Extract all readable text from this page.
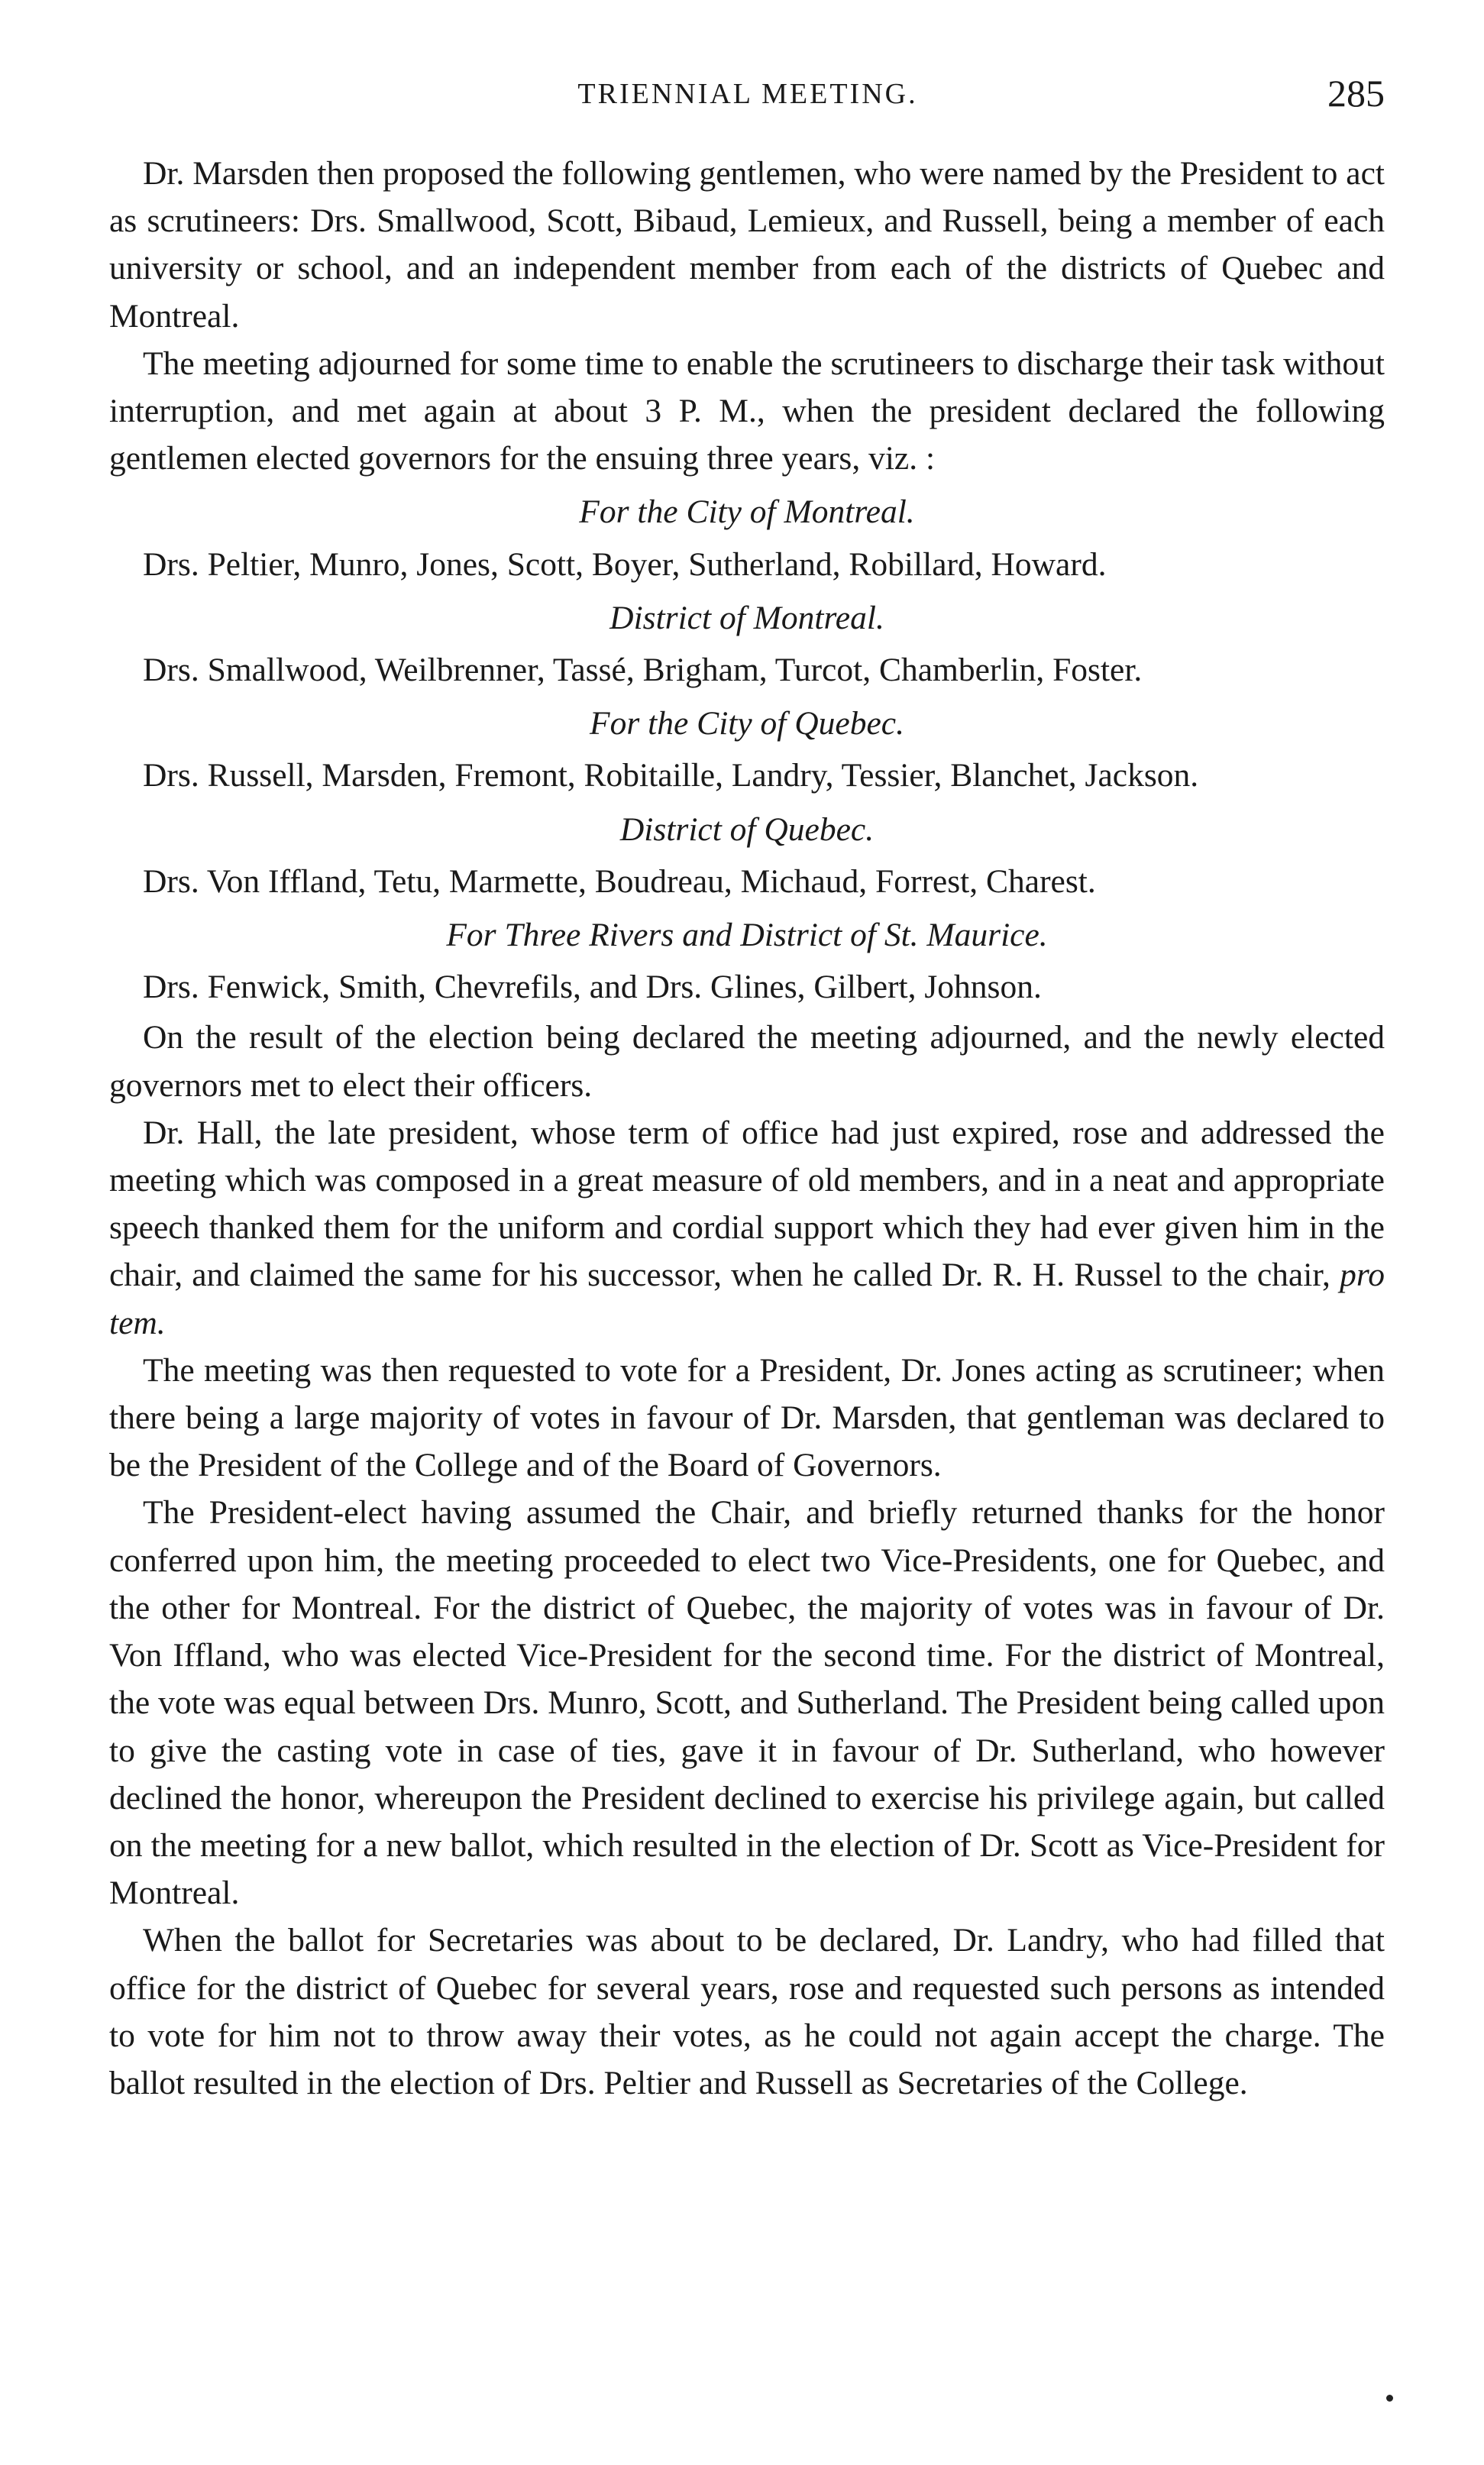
TRIENNIAL MEETING.	285

Dr. Marsden then proposed the following gentlemen, who were named by the President to act as scrutineers: Drs. Smallwood, Scott, Bibaud, Lemieux, and Russell, being a member of each university or school, and an independent member from each of the districts of Quebec and Montreal.

The meeting adjourned for some time to enable the scrutineers to discharge their task without interruption, and met again at about 3 P. M., when the president declared the following gentlemen elected governors for the ensuing three years, viz. :

For the City of Montreal.

Drs. Peltier, Munro, Jones, Scott, Boyer, Sutherland, Robillard, Howard.

District of Montreal.

Drs. Smallwood, Weilbrenner, Tassé, Brigham, Turcot, Chamberlin, Foster.

For the City of Quebec.

Drs. Russell, Marsden, Fremont, Robitaille, Landry, Tessier, Blanchet, Jackson.

District of Quebec.

Drs. Von Iffland, Tetu, Marmette, Boudreau, Michaud, Forrest, Charest.

For Three Rivers and District of St. Maurice.

Drs. Fenwick, Smith, Chevrefils, and Drs. Glines, Gilbert, Johnson.

On the result of the election being declared the meeting adjourned, and the newly elected governors met to elect their officers.

Dr. Hall, the late president, whose term of office had just expired, rose and addressed the meeting which was composed in a great measure of old members, and in a neat and appropriate speech thanked them for the uniform and cordial support which they had ever given him in the chair, and claimed the same for his successor, when he called Dr. R. H. Russel to the chair, pro tem.

The meeting was then requested to vote for a President, Dr. Jones acting as scrutineer; when there being a large majority of votes in favour of Dr. Marsden, that gentleman was declared to be the President of the College and of the Board of Governors.

The President-elect having assumed the Chair, and briefly returned thanks for the honor conferred upon him, the meeting proceeded to elect two Vice-Presidents, one for Quebec, and the other for Montreal. For the district of Quebec, the majority of votes was in favour of Dr. Von Iffland, who was elected Vice-President for the second time. For the district of Montreal, the vote was equal between Drs. Munro, Scott, and Sutherland. The President being called upon to give the casting vote in case of ties, gave it in favour of Dr. Sutherland, who however declined the honor, whereupon the President declined to exercise his privilege again, but called on the meeting for a new ballot, which resulted in the election of Dr. Scott as Vice-President for Montreal.

When the ballot for Secretaries was about to be declared, Dr. Landry, who had filled that office for the district of Quebec for several years, rose and requested such persons as intended to vote for him not to throw away their votes, as he could not again accept the charge. The ballot resulted in the election of Drs. Peltier and Russell as Secretaries of the College.
